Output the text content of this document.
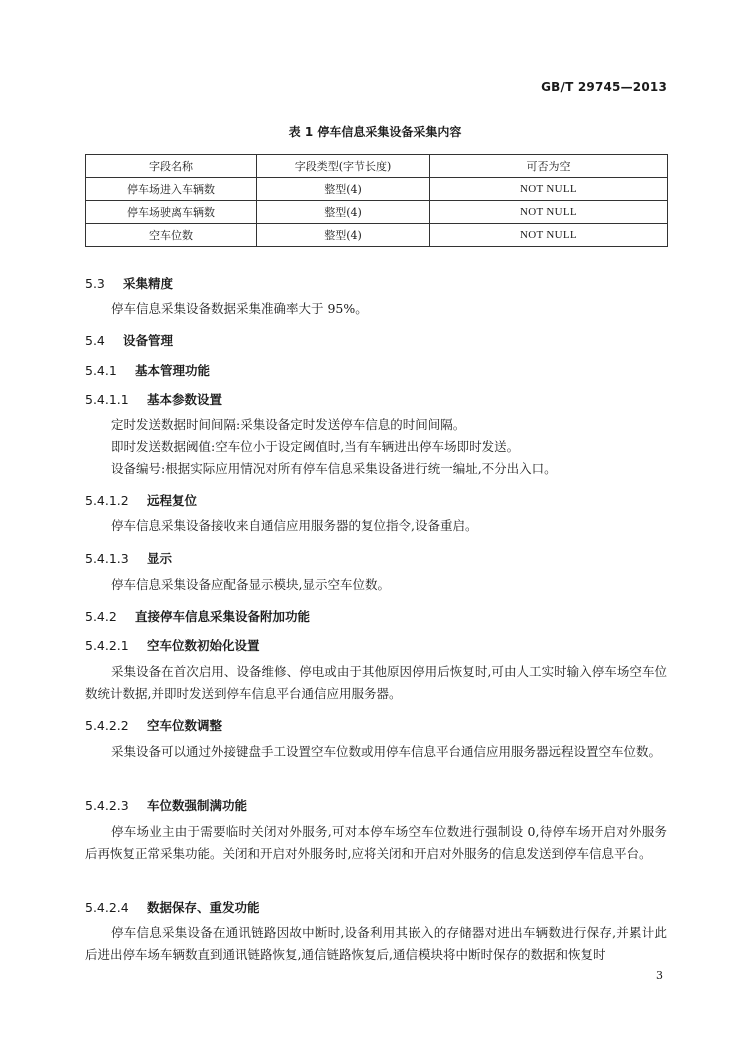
GB/T 29745—2013
表 1 停车信息采集设备采集内容
字段名称	字段类型(字节长度)	可否为空
停车场进入车辆数	整型(4)	NOT NULL
停车场驶离车辆数	整型(4)	NOT NULL
空车位数	整型(4)	NOT NULL
5.3 采集精度
停车信息采集设备数据采集准确率大于 95%。
5.4 设备管理
5.4.1 基本管理功能
5.4.1.1 基本参数设置
定时发送数据时间间隔:采集设备定时发送停车信息的时间间隔。
即时发送数据阈值:空车位小于设定阈值时,当有车辆进出停车场即时发送。
设备编号:根据实际应用情况对所有停车信息采集设备进行统一编址,不分出入口。
5.4.1.2 远程复位
停车信息采集设备接收来自通信应用服务器的复位指令,设备重启。
5.4.1.3 显示
停车信息采集设备应配备显示模块,显示空车位数。
5.4.2 直接停车信息采集设备附加功能
5.4.2.1 空车位数初始化设置
采集设备在首次启用、设备维修、停电或由于其他原因停用后恢复时,可由人工实时输入停车场空车位数统计数据,并即时发送到停车信息平台通信应用服务器。
5.4.2.2 空车位数调整
采集设备可以通过外接键盘手工设置空车位数或用停车信息平台通信应用服务器远程设置空车位数。
5.4.2.3 车位数强制满功能
停车场业主由于需要临时关闭对外服务,可对本停车场空车位数进行强制设 0,待停车场开启对外服务后再恢复正常采集功能。关闭和开启对外服务时,应将关闭和开启对外服务的信息发送到停车信息平台。
5.4.2.4 数据保存、重发功能
停车信息采集设备在通讯链路因故中断时,设备利用其嵌入的存储器对进出车辆数进行保存,并累计此后进出停车场车辆数直到通讯链路恢复,通信链路恢复后,通信模块将中断时保存的数据和恢复时
3
